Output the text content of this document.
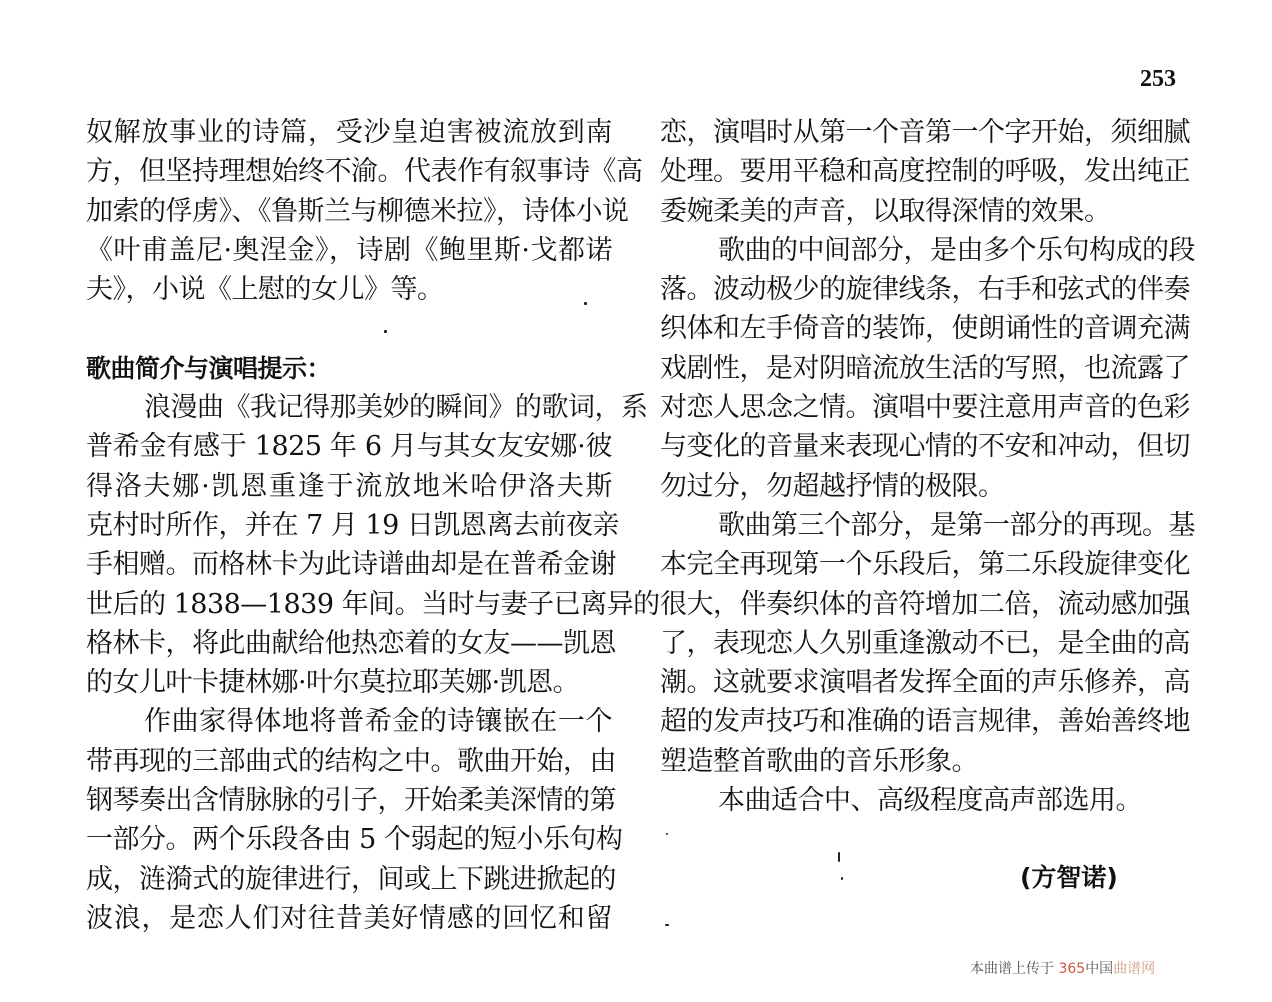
253
奴解放事业的诗篇，受沙皇迫害被流放到南
方，但坚持理想始终不渝。代表作有叙事诗《高
加索的俘虏》、《鲁斯兰与柳德米拉》，诗体小说
《叶甫盖尼·奥涅金》，诗剧《鲍里斯·戈都诺
夫》，小说《上慰的女儿》等。
歌曲简介与演唱提示：
浪漫曲《我记得那美妙的瞬间》的歌词，系
普希金有感于 1825 年 6 月与其女友安娜·彼
得洛夫娜·凯恩重逢于流放地米哈伊洛夫斯
克村时所作，并在 7 月 19 日凯恩离去前夜亲
手相赠。而格林卡为此诗谱曲却是在普希金谢
世后的 1838—1839 年间。当时与妻子已离异的
格林卡，将此曲献给他热恋着的女友——凯恩
的女儿叶卡捷林娜·叶尔莫拉耶芙娜·凯恩。
作曲家得体地将普希金的诗镶嵌在一个
带再现的三部曲式的结构之中。歌曲开始，由
钢琴奏出含情脉脉的引子，开始柔美深情的第
一部分。两个乐段各由 5 个弱起的短小乐句构
成，涟漪式的旋律进行，间或上下跳进掀起的
波浪，是恋人们对往昔美好情感的回忆和留
恋，演唱时从第一个音第一个字开始，须细腻
处理。要用平稳和高度控制的呼吸，发出纯正
委婉柔美的声音，以取得深情的效果。
歌曲的中间部分，是由多个乐句构成的段
落。波动极少的旋律线条，右手和弦式的伴奏
织体和左手倚音的装饰，使朗诵性的音调充满
戏剧性，是对阴暗流放生活的写照，也流露了
对恋人思念之情。演唱中要注意用声音的色彩
与变化的音量来表现心情的不安和冲动，但切
勿过分，勿超越抒情的极限。
歌曲第三个部分，是第一部分的再现。基
本完全再现第一个乐段后，第二乐段旋律变化
很大，伴奏织体的音符增加二倍，流动感加强
了，表现恋人久别重逢激动不已，是全曲的高
潮。这就要求演唱者发挥全面的声乐修养，高
超的发声技巧和准确的语言规律，善始善终地
塑造整首歌曲的音乐形象。
本曲适合中、高级程度高声部选用。
(方智诺)
本曲谱上传于 365中国曲谱网
